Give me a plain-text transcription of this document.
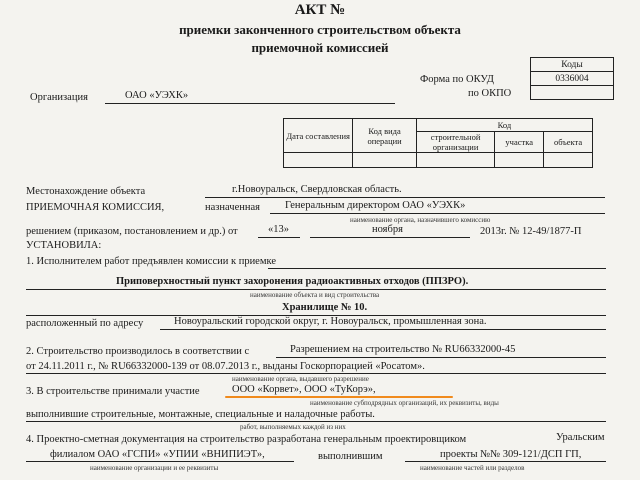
АКТ №
приемки законченного строительством объекта
приемочной комиссией
Коды
0336004

Форма по ОКУД
по ОКПО
Организация	ОАО «УЭХК»
Дата составления	Код вида операции	Код		
		строительной организации	участка	объекта

Местонахождение объекта	г.Новоуральск, Свердловская область.
ПРИЕМОЧНАЯ КОМИССИЯ,	назначенная Генеральным директором ОАО «УЭХК»
наименование органа, назначившего комиссию
решением (приказом, постановлением и др.) от	«13»	ноября	2013г. № 12-49/1877-П
УСТАНОВИЛА:
1. Исполнителем работ предъявлен комиссии к приемке
Приповерхностный пункт захоронения радиоактивных отходов (ППЗРО).
наименование объекта и вид строительства
Хранилище № 10.
расположенный по адресу	Новоуральский городской округ, г. Новоуральск, промышленная зона.
2. Строительство производилось в соответствии с	Разрешением на строительство № RU66332000-45
от 24.11.2011 г., № RU66332000-139 от 08.07.2013 г., выданы Госкорпорацией «Росатом».
наименование органа, выдавшего разрешение
3. В строительстве принимали участие	ООО «Корвет», ООО «ТуКорэ»,
наименование субподрядных организаций, их реквизиты, виды
выполнившие строительные, монтажные, специальные и наладочные работы.
работ, выполняемых каждой из них
4. Проектно-сметная документация на строительство разработана генеральным проектировщиком	Уральским
филиалом ОАО «ГСПИ» «УПИИ «ВНИПИЭТ»,	выполнившим	проекты №№ 309-121/ДСП ГП,
наименование организации и ее реквизиты	наименование частей или разделов
